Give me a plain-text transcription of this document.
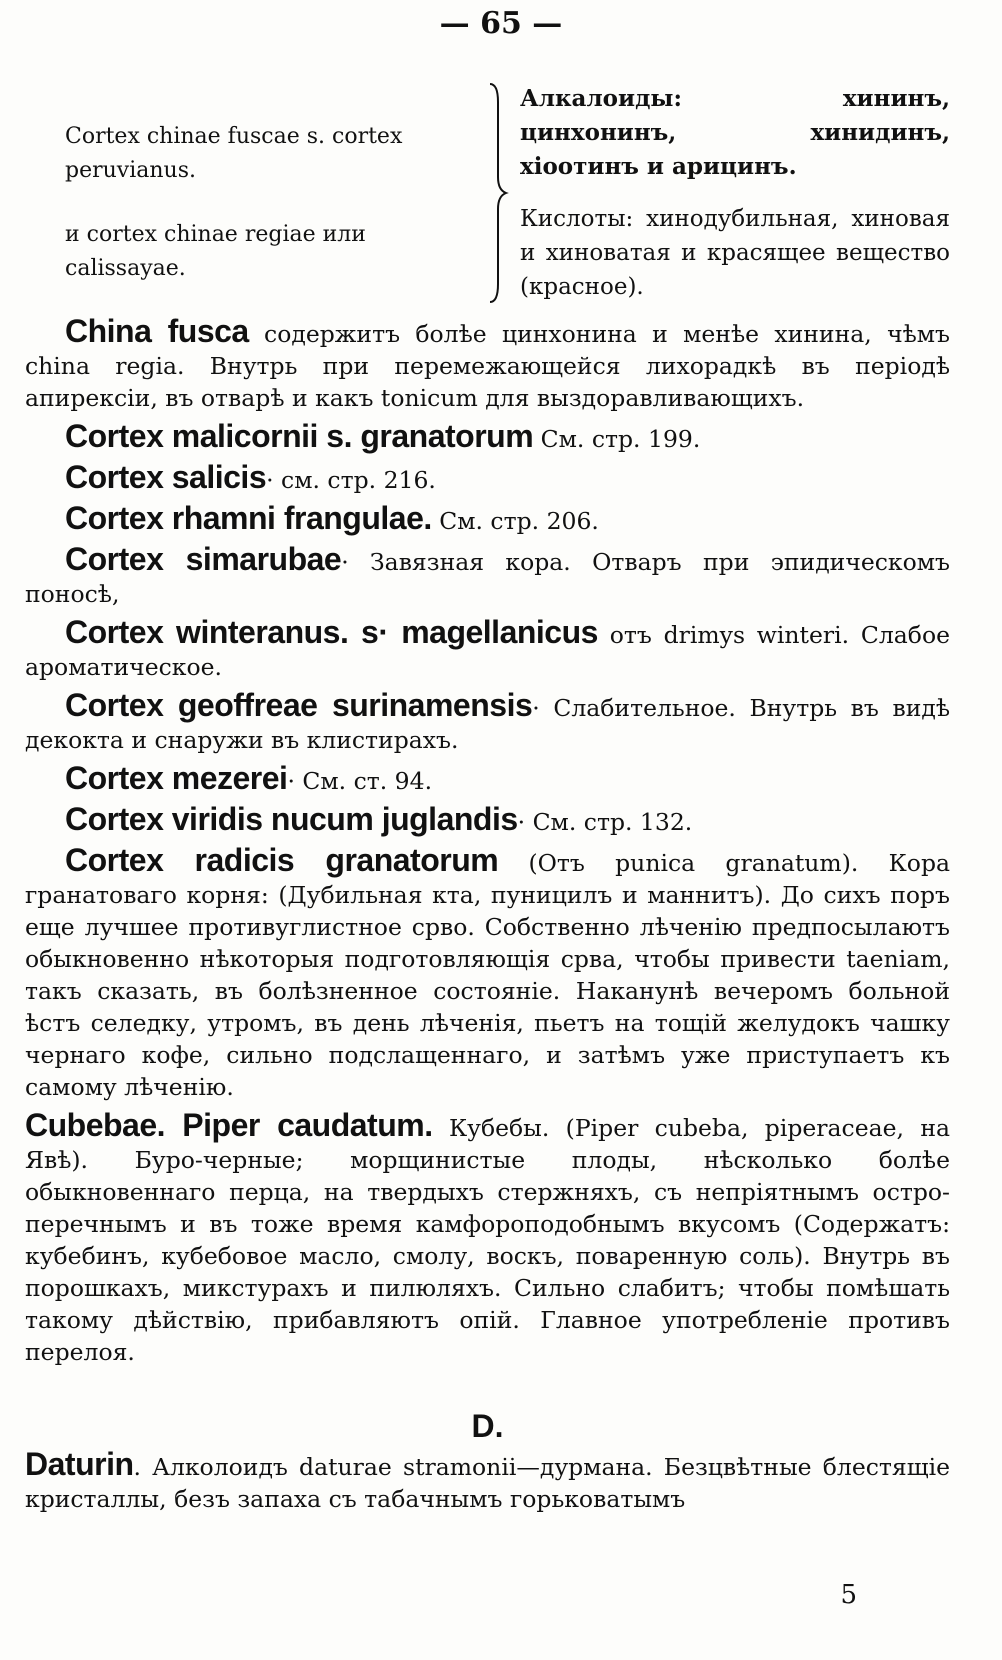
— 65 —

Cortex chinae fuscae s. cortex peruvianus.

и cortex chinae regiae или calissayae.

Алкалоиды: хининъ, цинхонинъ, хинидинъ, хіоотинъ и арицинъ.

Кислоты: хинодубильная, хиновая и хиноватая и красящее вещество (красное).

China fusca содержитъ болѣе цинхонина и менѣе хинина, чѣмъ china regia. Внутрь при перемежающейся лихорадкѣ въ періодѣ апирексіи, въ отварѣ и какъ tonicum для выздоравливающихъ.

Cortex malicornii s. granatorum См. стр. 199.

Cortex salicis· см. стр. 216.

Cortex rhamni frangulae. См. стр. 206.

Cortex simarubae· Завязная кора. Отваръ при эпидическомъ поносѣ,

Cortex winteranus. s· magellanicus отъ drimys winteri. Слабое ароматическое.

Cortex geoffreae surinamensis· Слабительное. Внутрь въ видѣ декокта и снаружи въ клистирахъ.

Cortex mezerei· См. ст. 94.

Cortex viridis nucum juglandis· См. стр. 132.

Cortex radicis granatorum (Отъ punica granatum). Кора гранатоваго корня: (Дубильная кта, пуницилъ и маннитъ). До сихъ поръ еще лучшее противуглистное срво. Собственно лѣченію предпосылаютъ обыкновенно нѣкоторыя подготовляющія срва, чтобы привести taeniam, такъ сказать, въ болѣзненное состояніе. Наканунѣ вечеромъ больной ѣстъ селедку, утромъ, въ день лѣченія, пьетъ на тощій желудокъ чашку чернаго кофе, сильно подслащеннаго, и затѣмъ уже приступаетъ къ самому лѣченію.

Cubebae. Piper caudatum. Кубебы. (Piper cubeba, piperaceae, на Явѣ). Буро-черные; морщинистые плоды, нѣсколько болѣе обыкновеннаго перца, на твердыхъ стержняхъ, съ непріятнымъ остро-перечнымъ и въ тоже время камфороподобнымъ вкусомъ (Содержатъ: кубебинъ, кубебовое масло, смолу, воскъ, поваренную соль). Внутрь въ порошкахъ, микстурахъ и пилюляхъ. Сильно слабитъ; чтобы помѣшать такому дѣйствію, прибавляютъ опій. Главное употребленіе противъ перелоя.

D.

Daturin. Алколоидъ daturae stramonii—дурмана. Безцвѣтные блестящіе кристаллы, безъ запаха съ табачнымъ горьковатымъ

5
